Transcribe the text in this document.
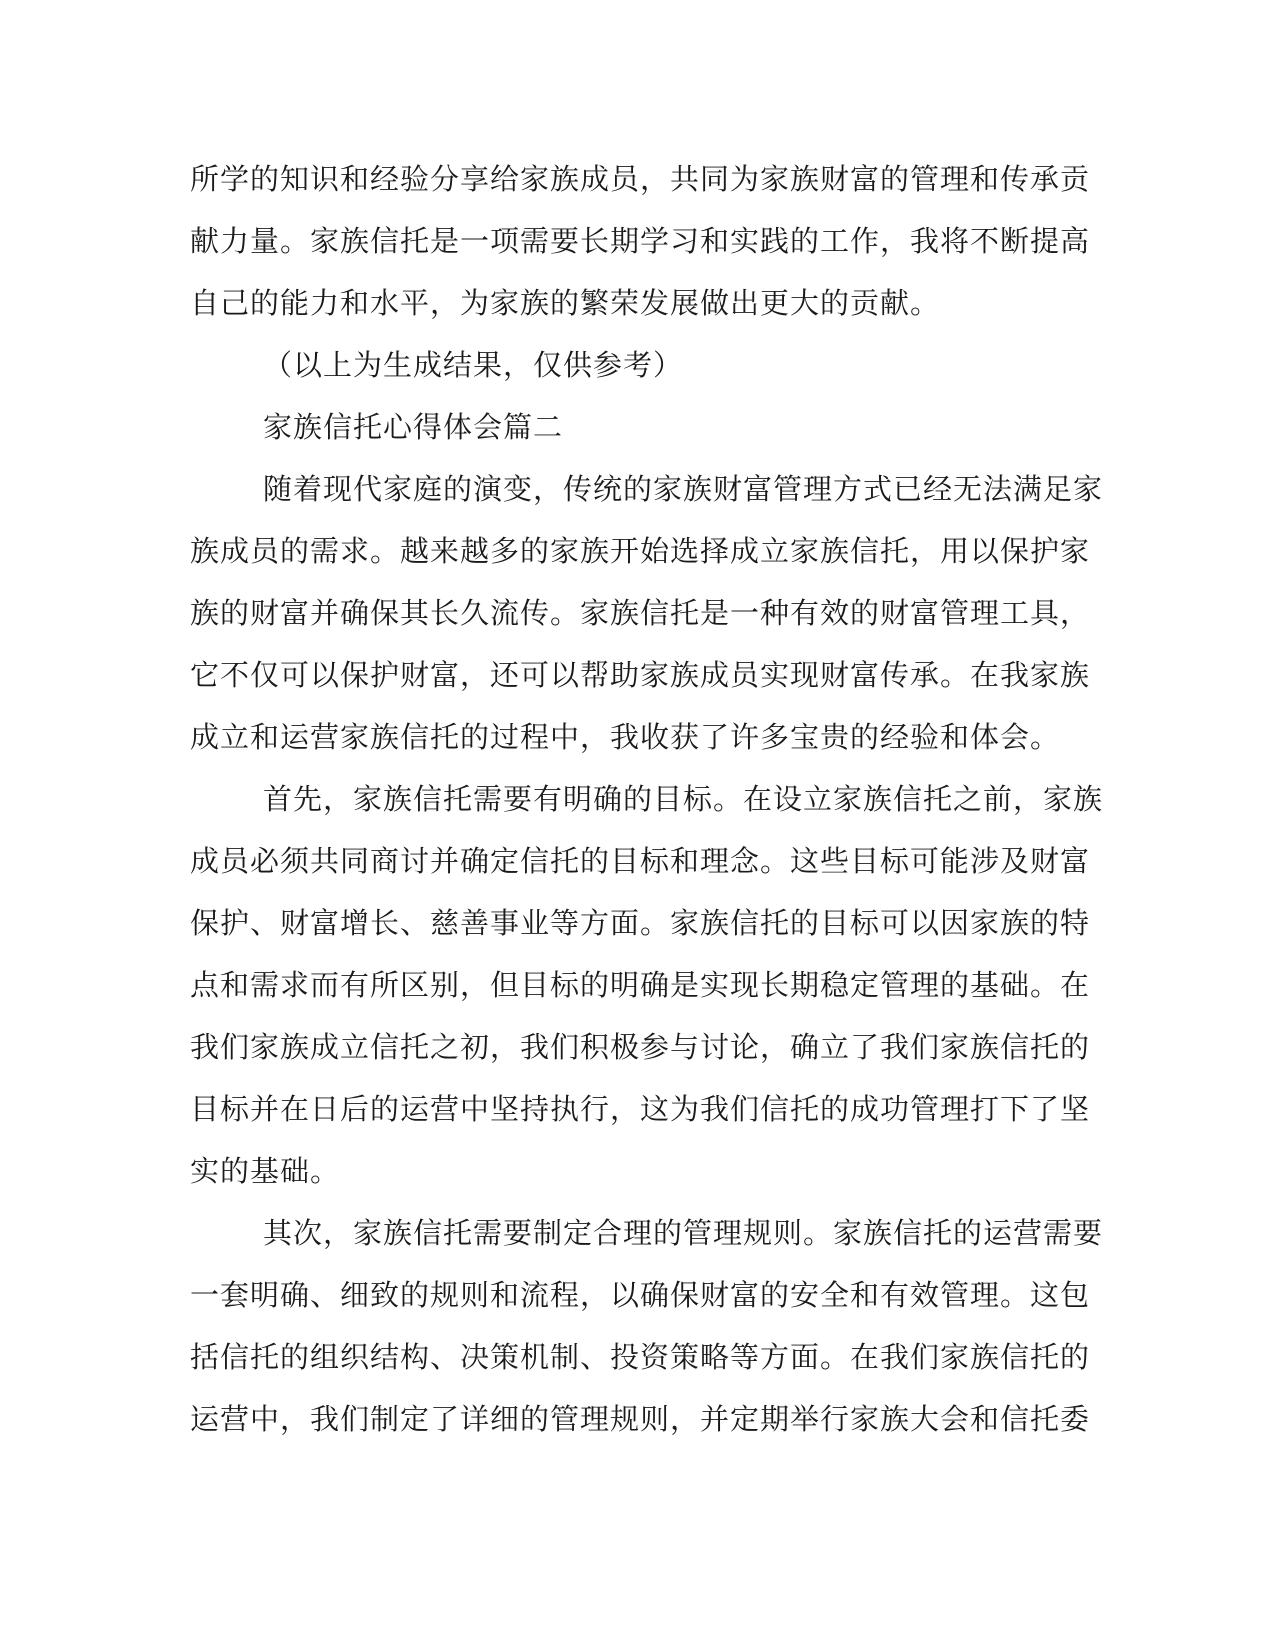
所学的知识和经验分享给家族成员，共同为家族财富的管理和传承贡
献力量。家族信托是一项需要长期学习和实践的工作，我将不断提高
自己的能力和水平，为家族的繁荣发展做出更大的贡献。
（以上为生成结果，仅供参考）
家族信托心得体会篇二
随着现代家庭的演变，传统的家族财富管理方式已经无法满足家
族成员的需求。越来越多的家族开始选择成立家族信托，用以保护家
族的财富并确保其长久流传。家族信托是一种有效的财富管理工具，
它不仅可以保护财富，还可以帮助家族成员实现财富传承。在我家族
成立和运营家族信托的过程中，我收获了许多宝贵的经验和体会。
首先，家族信托需要有明确的目标。在设立家族信托之前，家族
成员必须共同商讨并确定信托的目标和理念。这些目标可能涉及财富
保护、财富增长、慈善事业等方面。家族信托的目标可以因家族的特
点和需求而有所区别，但目标的明确是实现长期稳定管理的基础。在
我们家族成立信托之初，我们积极参与讨论，确立了我们家族信托的
目标并在日后的运营中坚持执行，这为我们信托的成功管理打下了坚
实的基础。
其次，家族信托需要制定合理的管理规则。家族信托的运营需要
一套明确、细致的规则和流程，以确保财富的安全和有效管理。这包
括信托的组织结构、决策机制、投资策略等方面。在我们家族信托的
运营中，我们制定了详细的管理规则，并定期举行家族大会和信托委
